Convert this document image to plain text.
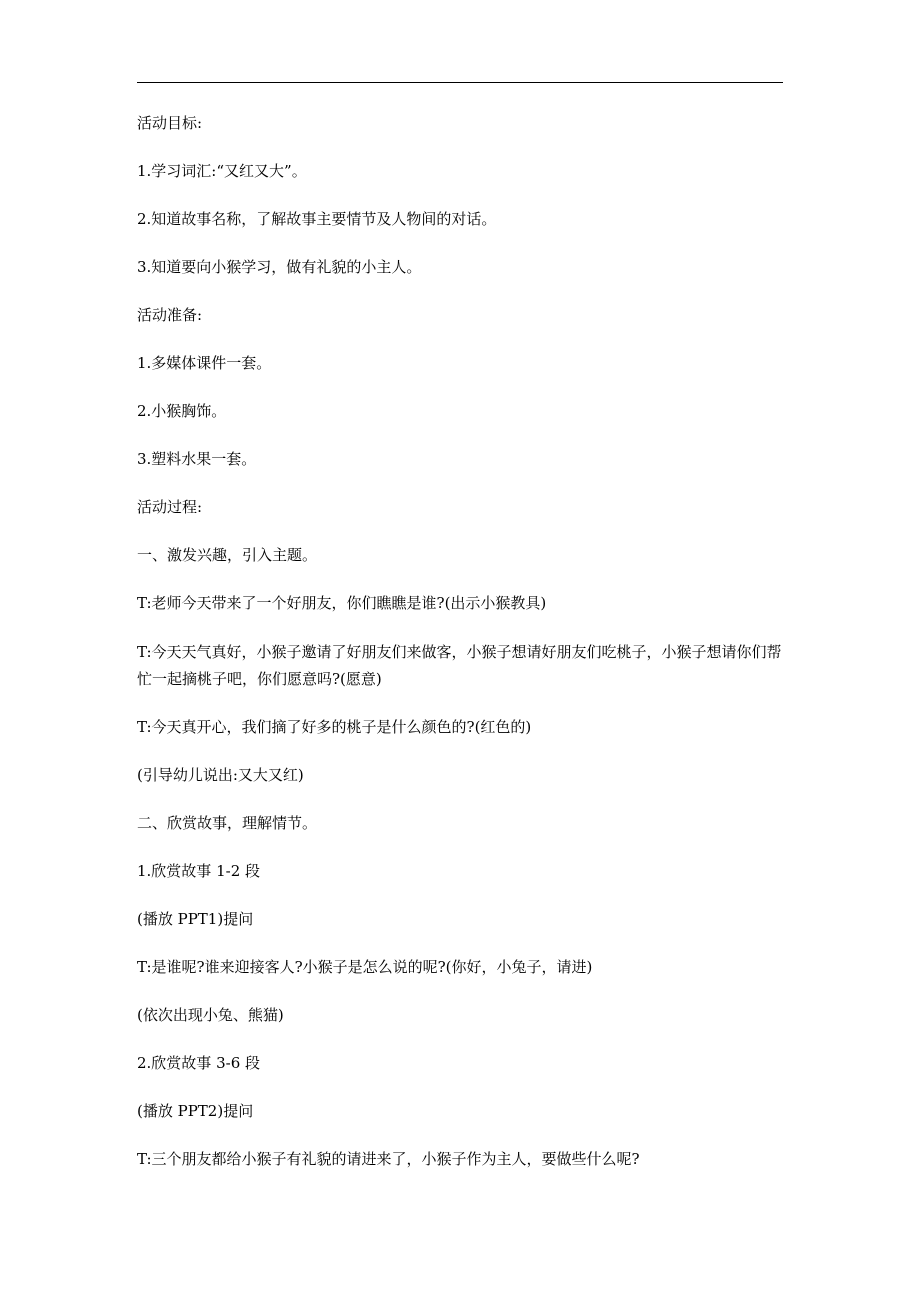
活动目标:

1.学习词汇:“又红又大”。

2.知道故事名称，了解故事主要情节及人物间的对话。

3.知道要向小猴学习，做有礼貌的小主人。

活动准备:

1.多媒体课件一套。

2.小猴胸饰。

3.塑料水果一套。

活动过程:

一、激发兴趣，引入主题。

T:老师今天带来了一个好朋友，你们瞧瞧是谁?(出示小猴教具)

T:今天天气真好，小猴子邀请了好朋友们来做客，小猴子想请好朋友们吃桃子，小猴子想请你们帮忙一起摘桃子吧，你们愿意吗?(愿意)

T:今天真开心，我们摘了好多的桃子是什么颜色的?(红色的)

(引导幼儿说出:又大又红)

二、欣赏故事，理解情节。

1.欣赏故事 1-2 段

(播放 PPT1)提问

T:是谁呢?谁来迎接客人?小猴子是怎么说的呢?(你好，小兔子，请进)

(依次出现小兔、熊猫)

2.欣赏故事 3-6 段

(播放 PPT2)提问

T:三个朋友都给小猴子有礼貌的请进来了，小猴子作为主人，要做些什么呢?
